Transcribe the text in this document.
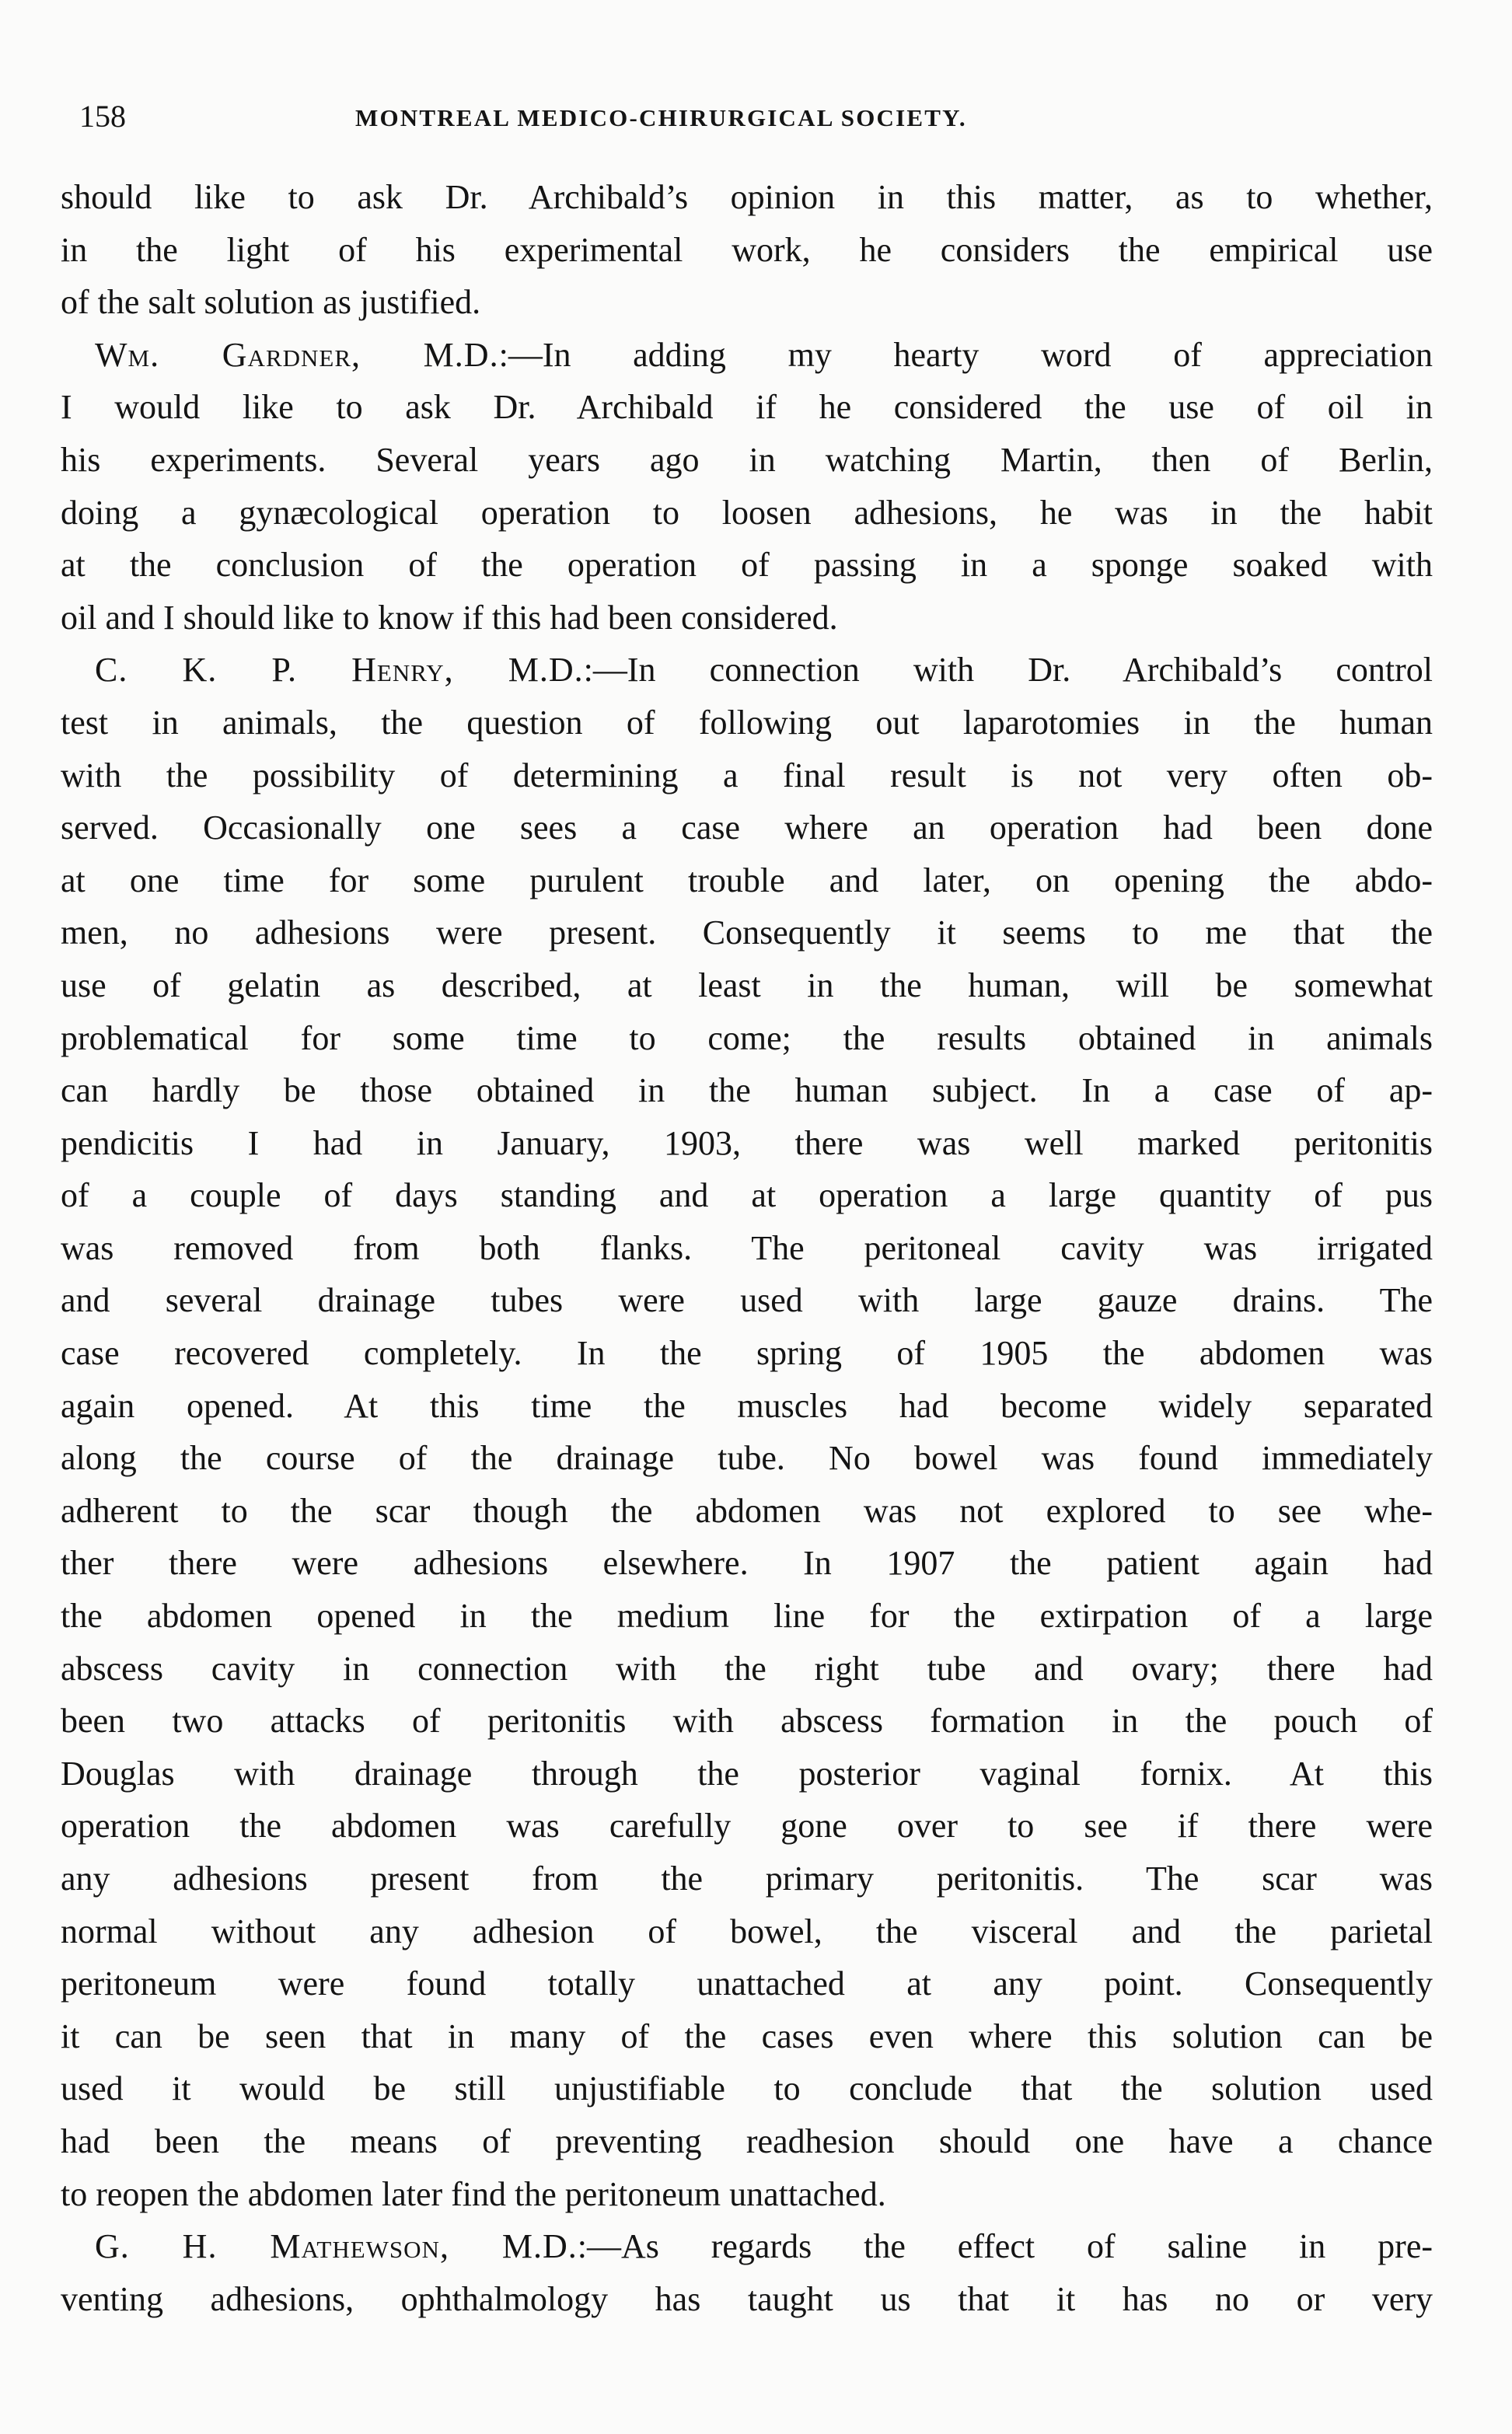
158	MONTREAL MEDICO-CHIRURGICAL SOCIETY.
should like to ask Dr. Archibald’s opinion in this matter, as to whether,
in the light of his experimental work, he considers the empirical use
of the salt solution as justified.
Wm. Gardner, M.D.:—In adding my hearty word of appreciation
I would like to ask Dr. Archibald if he considered the use of oil in
his experiments. Several years ago in watching Martin, then of Berlin,
doing a gynæcological operation to loosen adhesions, he was in the habit
at the conclusion of the operation of passing in a sponge soaked with
oil and I should like to know if this had been considered.
C. K. P. Henry, M.D.:—In connection with Dr. Archibald’s control
test in animals, the question of following out laparotomies in the human
with the possibility of determining a final result is not very often ob-
served. Occasionally one sees a case where an operation had been done
at one time for some purulent trouble and later, on opening the abdo-
men, no adhesions were present. Consequently it seems to me that the
use of gelatin as described, at least in the human, will be somewhat
problematical for some time to come; the results obtained in animals
can hardly be those obtained in the human subject. In a case of ap-
pendicitis I had in January, 1903, there was well marked peritonitis
of a couple of days standing and at operation a large quantity of pus
was removed from both flanks. The peritoneal cavity was irrigated
and several drainage tubes were used with large gauze drains. The
case recovered completely. In the spring of 1905 the abdomen was
again opened. At this time the muscles had become widely separated
along the course of the drainage tube. No bowel was found immediately
adherent to the scar though the abdomen was not explored to see whe-
ther there were adhesions elsewhere. In 1907 the patient again had
the abdomen opened in the medium line for the extirpation of a large
abscess cavity in connection with the right tube and ovary; there had
been two attacks of peritonitis with abscess formation in the pouch of
Douglas with drainage through the posterior vaginal fornix. At this
operation the abdomen was carefully gone over to see if there were
any adhesions present from the primary peritonitis. The scar was
normal without any adhesion of bowel, the visceral and the parietal
peritoneum were found totally unattached at any point. Consequently
it can be seen that in many of the cases even where this solution can be
used it would be still unjustifiable to conclude that the solution used
had been the means of preventing readhesion should one have a chance
to reopen the abdomen later find the peritoneum unattached.
G. H. Mathewson, M.D.:—As regards the effect of saline in pre-
venting adhesions, ophthalmology has taught us that it has no or very
